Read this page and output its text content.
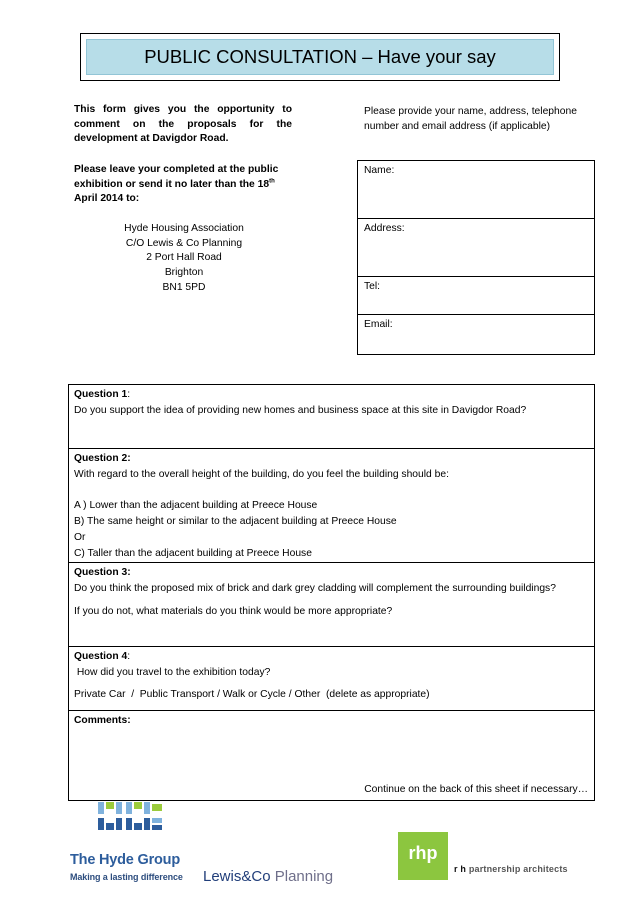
PUBLIC CONSULTATION – Have your say
This form gives you the opportunity to comment on the proposals for the development at Davigdor Road.
Please leave your completed at the public exhibition or send it no later than the 18th April 2014 to:
Hyde Housing Association
C/O Lewis & Co Planning
2 Port Hall Road
Brighton
BN1 5PD
Please provide your name, address, telephone number and email address (if applicable)
Name:
Address:
Tel:
Email:
Question 1:
Do you support the idea of providing new homes and business space at this site in Davigdor Road?

Question 2:
With regard to the overall height of the building, do you feel the building should be:
A ) Lower than the adjacent building at Preece House
B) The same height or similar to the adjacent building at Preece House
Or
C) Taller than the adjacent building at Preece House

Question 3:
Do you think the proposed mix of brick and dark grey cladding will complement the surrounding buildings?
If you do not, what materials do you think would be more appropriate?

Question 4:
How did you travel to the exhibition today?
Private Car  /  Public Transport / Walk or Cycle / Other  (delete as appropriate)

Comments:
Continue on the back of this sheet if necessary…
The Hyde Group
Making a lasting difference Lewis&Co Planning
rhp
r h partnership architects
